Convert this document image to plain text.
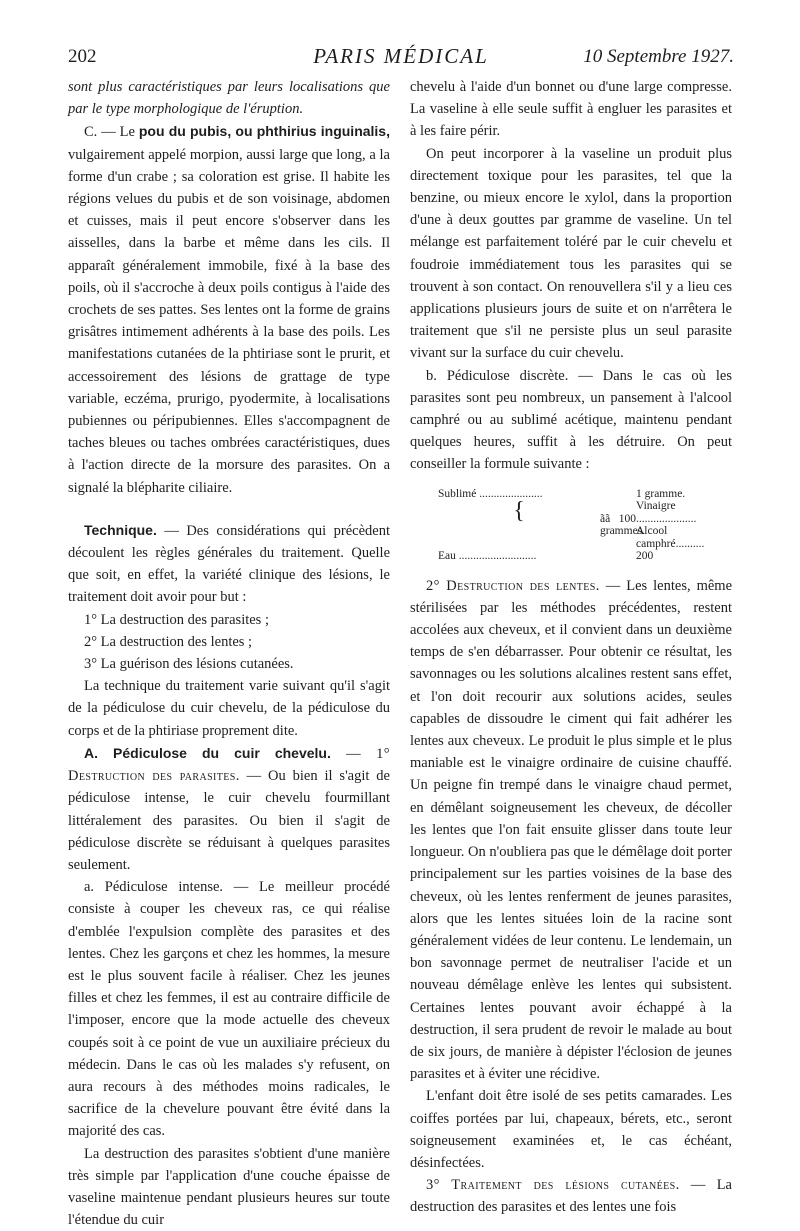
202	PARIS MÉDICAL	10 Septembre 1927.

sont plus caractéristiques par leurs localisations que par le type morphologique de l'éruption.

C. — Le pou du pubis, ou phthirius inguinalis, vulgairement appelé morpion, aussi large que long, a la forme d'un crabe ; sa coloration est grise. Il habite les régions velues du pubis et de son voisinage, abdomen et cuisses, mais il peut encore s'observer dans les aisselles, dans la barbe et même dans les cils. Il apparaît généralement immobile, fixé à la base des poils, où il s'accroche à deux poils contigus à l'aide des crochets de ses pattes. Ses lentes ont la forme de grains grisâtres intimement adhérents à la base des poils. Les manifestations cutanées de la phtiriase sont le prurit, et accessoirement des lésions de grattage de type variable, eczéma, prurigo, pyodermite, à localisations pubiennes ou péripubiennes. Elles s'accompagnent de taches bleues ou taches ombrées caractéristiques, dues à l'action directe de la morsure des parasites. On a signalé la blépharite ciliaire.

Technique. — Des considérations qui précèdent découlent les règles générales du traitement. Quelle que soit, en effet, la variété clinique des lésions, le traitement doit avoir pour but :

1° La destruction des parasites ;

2° La destruction des lentes ;

3° La guérison des lésions cutanées.

La technique du traitement varie suivant qu'il s'agit de la pédiculose du cuir chevelu, de la pédiculose du corps et de la phtiriase proprement dite.

A. Pédiculose du cuir chevelu. — 1° Destruction des parasites. — Ou bien il s'agit de pédiculose intense, le cuir chevelu fourmillant littéralement des parasites. Ou bien il s'agit de pédiculose discrète se réduisant à quelques parasites seulement.

a. Pédiculose intense. — Le meilleur procédé consiste à couper les cheveux ras, ce qui réalise d'emblée l'expulsion complète des parasites et des lentes. Chez les garçons et chez les hommes, la mesure est le plus souvent facile à réaliser. Chez les jeunes filles et chez les femmes, il est au contraire difficile de l'imposer, encore que la mode actuelle des cheveux coupés soit à ce point de vue un auxiliaire précieux du médecin. Dans le cas où les malades s'y refusent, on aura recours à des méthodes moins radicales, le sacrifice de la chevelure pouvant être évité dans la majorité des cas.

La destruction des parasites s'obtient d'une manière très simple par l'application d'une couche épaisse de vaseline maintenue pendant plusieurs heures sur toute l'étendue du cuir

chevelu à l'aide d'un bonnet ou d'une large compresse. La vaseline à elle seule suffit à engluer les parasites et à les faire périr.

On peut incorporer à la vaseline un produit plus directement toxique pour les parasites, tel que la benzine, ou mieux encore le xylol, dans la proportion d'une à deux gouttes par gramme de vaseline. Un tel mélange est parfaitement toléré par le cuir chevelu et foudroie immédiatement tous les parasites qui se trouvent à son contact. On renouvellera s'il y a lieu ces applications plusieurs jours de suite et on n'arrêtera le traitement que s'il ne persiste plus un seul parasite vivant sur la surface du cuir chevelu.

b. Pédiculose discrète. — Dans le cas où les parasites sont peu nombreux, un pansement à l'alcool camphré ou au sublimé acétique, maintenu pendant quelques heures, suffit à les détruire. On peut conseiller la formule suivante :

Sublimé ......................	1 gramme.
Vinaigre .....................
{	ãã 100 grammes.
Alcool camphré..........
Eau ...........................	200

2° Destruction des lentes. — Les lentes, même stérilisées par les méthodes précédentes, restent accolées aux cheveux, et il convient dans un deuxième temps de s'en débarrasser. Pour obtenir ce résultat, les savonnages ou les solutions alcalines restent sans effet, et l'on doit recourir aux solutions acides, seules capables de dissoudre le ciment qui fait adhérer les lentes aux cheveux. Le produit le plus simple et le plus maniable est le vinaigre ordinaire de cuisine chauffé. Un peigne fin trempé dans le vinaigre chaud permet, en démêlant soigneusement les cheveux, de décoller les lentes que l'on fait ensuite glisser dans toute leur longueur. On n'oubliera pas que le démêlage doit porter principalement sur les parties voisines de la base des cheveux, où les lentes renferment de jeunes parasites, alors que les lentes situées loin de la racine sont généralement vidées de leur contenu. Le lendemain, un bon savonnage permet de neutraliser l'acide et un nouveau démêlage enlève les lentes qui subsistent. Certaines lentes pouvant avoir échappé à la destruction, il sera prudent de revoir le malade au bout de six jours, de manière à dépister l'éclosion de jeunes parasites et à éviter une récidive.

L'enfant doit être isolé de ses petits camarades. Les coiffes portées par lui, chapeaux, bérets, etc., seront soigneusement examinées et, le cas échéant, désinfectées.

3° Traitement des lésions cutanées. — La destruction des parasites et des lentes une fois
